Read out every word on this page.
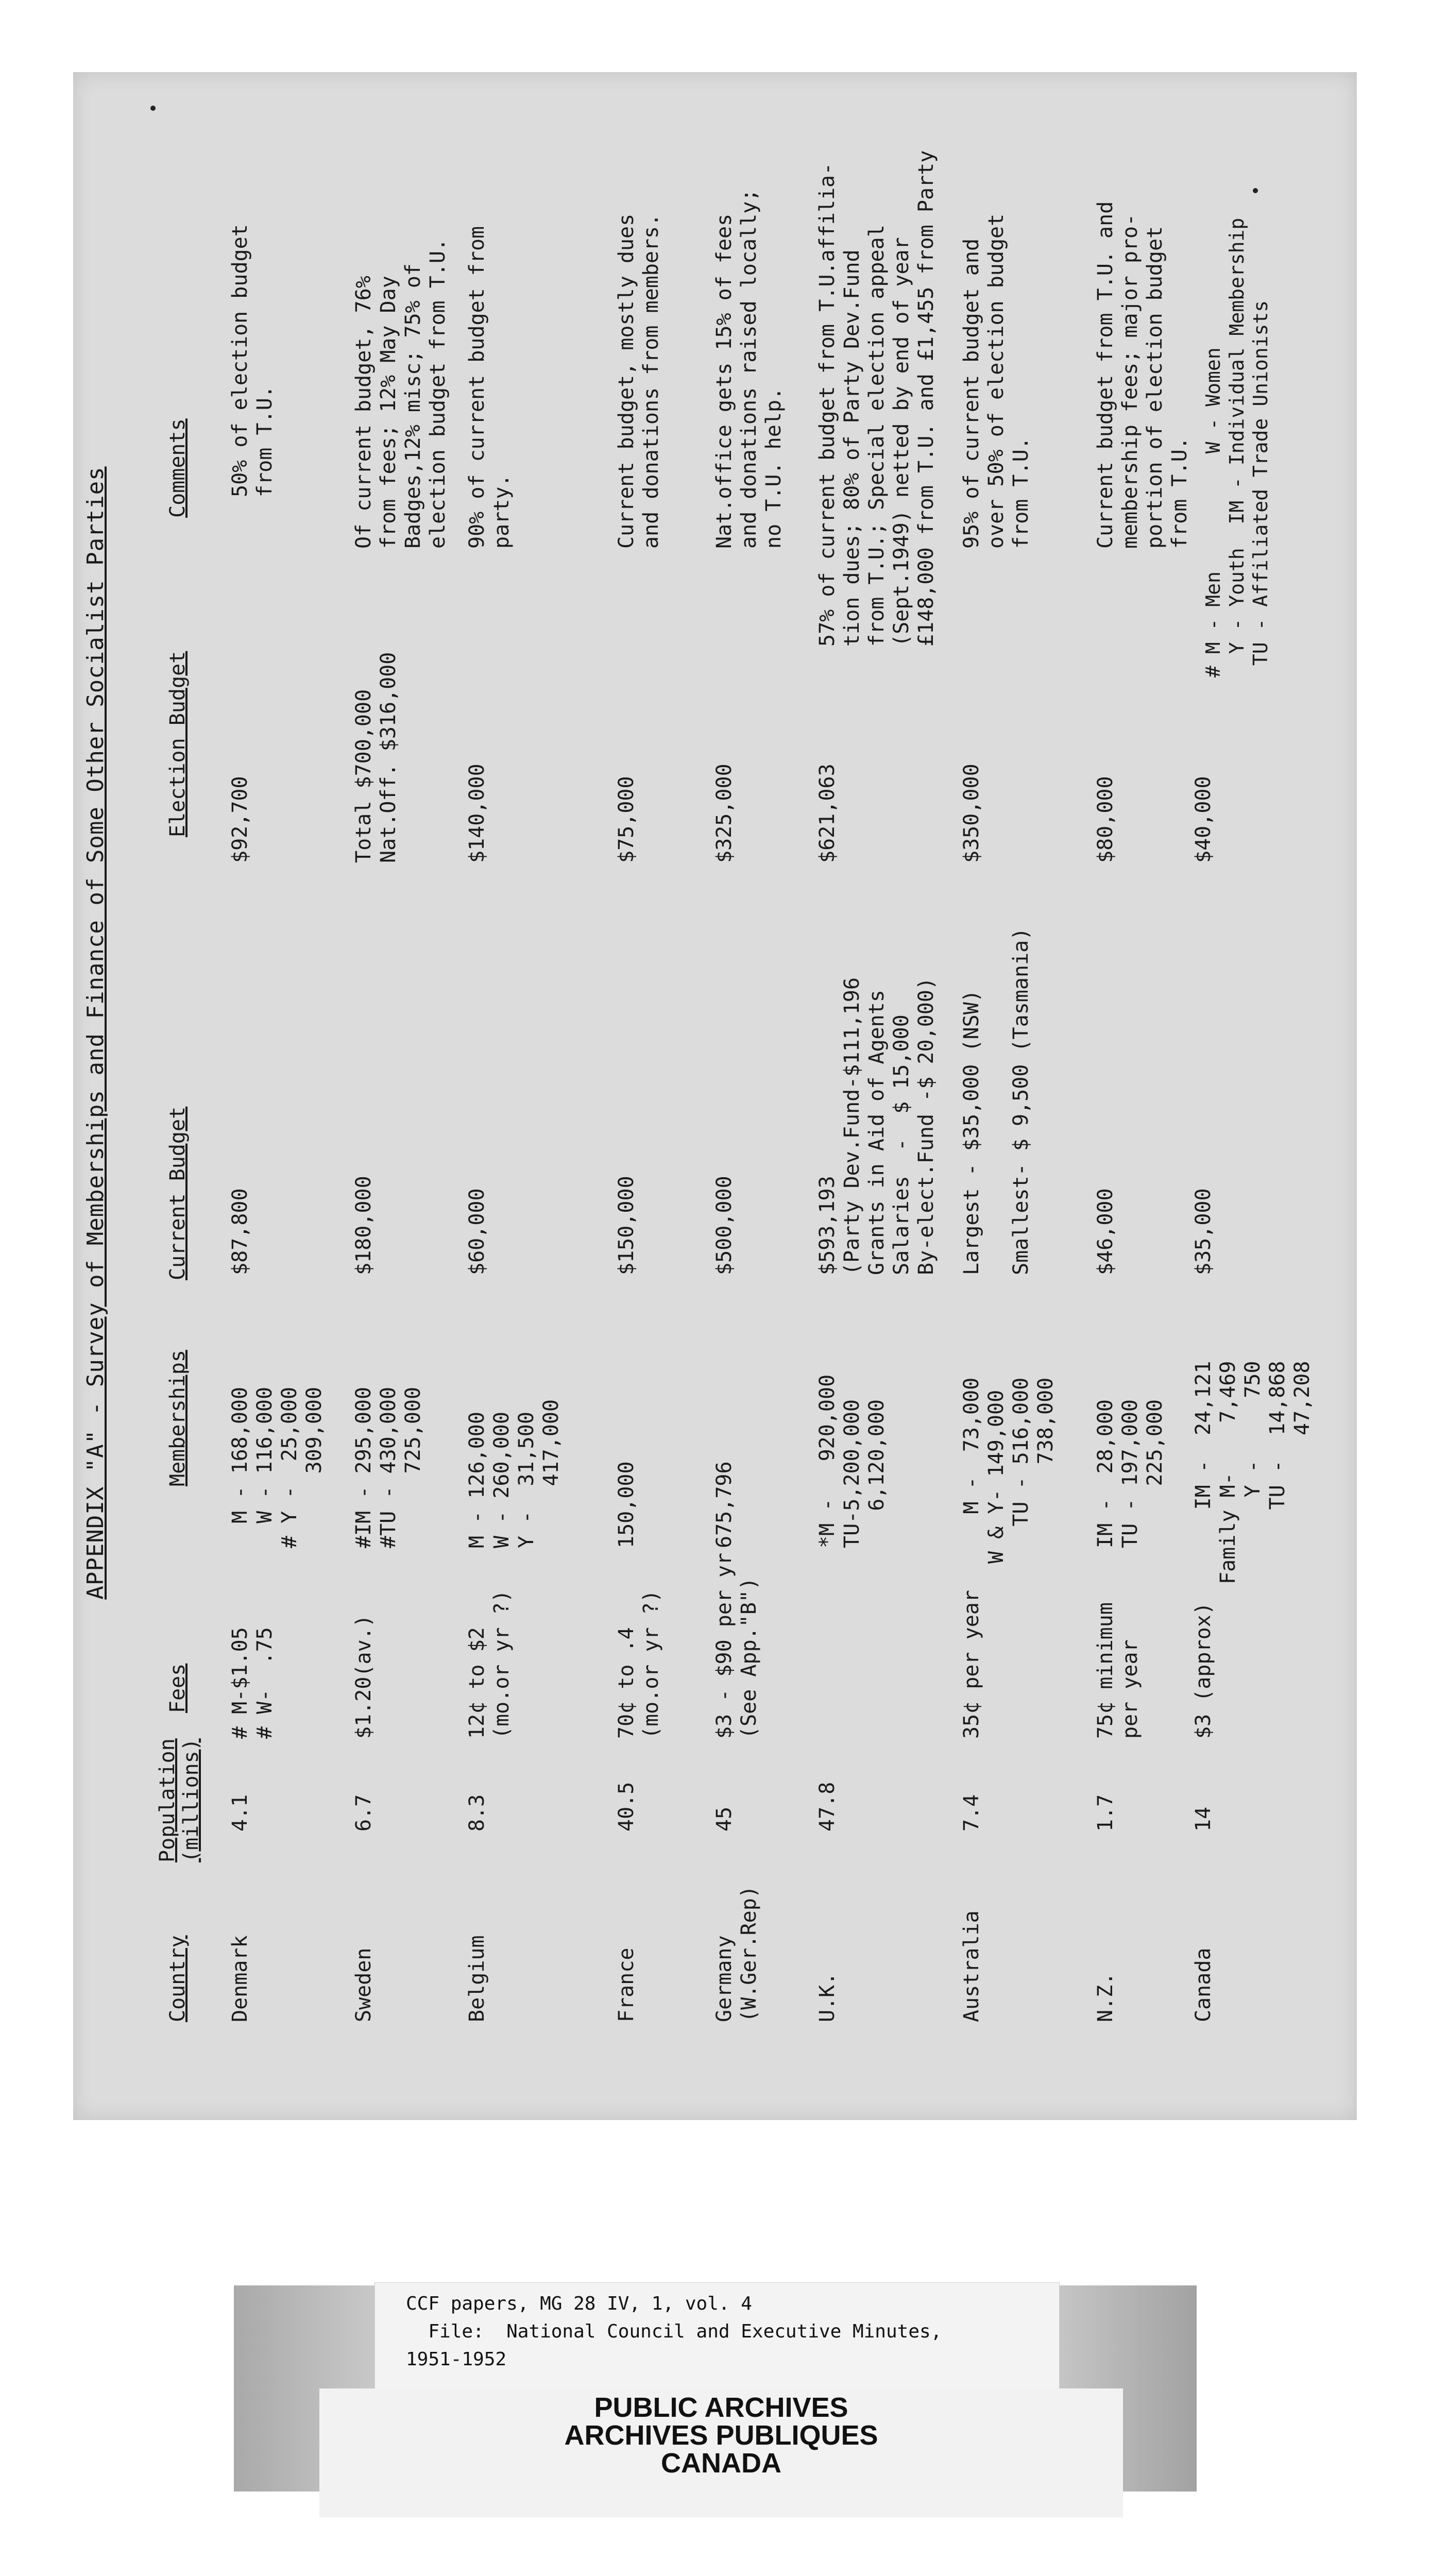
APPENDIX "A" - Survey of Memberships and Finance of Some Other Socialist Parties
Country
Population
(millions)
Fees
Memberships
Current Budget
Election Budget
Comments
Denmark
4.1
# M-$1.05
# W-  .75
M - 168,000
W - 116,000
# Y -  25,000
309,000
$87,800
$92,700
50% of election budget
from T.U.
Sweden
6.7
$1.20(av.)
#IM - 295,000
#TU - 430,000
725,000
$180,000
Total $700,000
Nat.Off. $316,000
Of current budget, 76%
from fees; 12% May Day
Badges,12% misc; 75% of
election budget from T.U.
Belgium
8.3
12¢ to $2
(mo.or yr ?)
M - 126,000
W - 260,000
Y -  31,500
417,000
$60,000
$140,000
90% of current budget from
party.
France
40.5
70¢ to .4
(mo.or yr ?)
150,000
$150,000
$75,000
Current budget, mostly dues
and donations from members.
Germany
(W.Ger.Rep)
45
$3 - $90 per yr
(See App."B")
675,796
$500,000
$325,000
Nat.office gets 15% of fees
and donations raised locally;
no T.U. help.
U.K.
47.8
*M -   920,000
TU-5,200,000
6,120,000
$593,193
(Party Dev.Fund-$111,196
Grants in Aid of Agents
Salaries  -  $ 15,000
By-elect.Fund -$ 20,000)
$621,063
57% of current budget from T.U.affilia-
tion dues; 80% of Party Dev.Fund
from T.U.; Special election appeal
(Sept.1949) netted by end of year
£148,000 from T.U. and £1,455 from Party
Australia
7.4
35¢ per year
M -  73,000
W & Y- 149,000
TU - 516,000
738,000
Largest - $35,000 (NSW)

Smallest- $ 9,500 (Tasmania)
$350,000
95% of current budget and
over 50% of election budget
from T.U.
N.Z.
1.7
75¢ minimum
per year
IM -  28,000
TU - 197,000
225,000
$46,000
$80,000
Current budget from T.U. and
membership fees; major pro-
portion of election budget
from T.U.
Canada
14
$3 (approx)
IM -  24,121
Family M-    7,469
Y -     750
TU -  14,868
47,208
$35,000
$40,000
# M - Men          W - Women
Y - Youth  IM - Individual Membership
TU - Affiliated Trade Unionists
CCF papers, MG 28 IV, 1, vol. 4
File:  National Council and Executive Minutes,
1951-1952
PUBLIC ARCHIVES
ARCHIVES PUBLIQUES
CANADA
